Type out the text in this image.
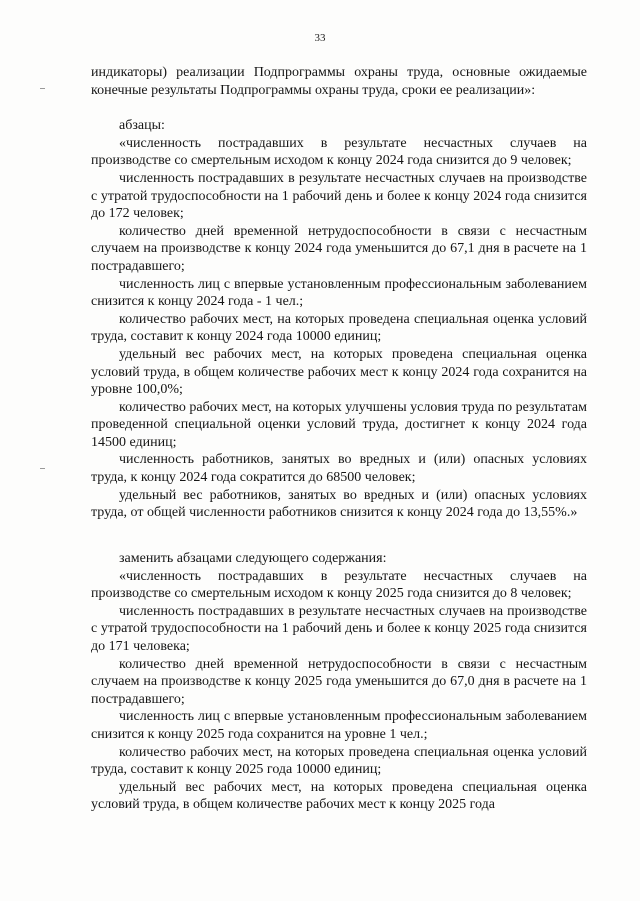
33

индикаторы) реализации Подпрограммы охраны труда, основные ожидаемые конечные результаты Подпрограммы охраны труда, сроки ее реализации»:

абзацы:

«численность пострадавших в результате несчастных случаев на производстве со смертельным исходом к концу 2024 года снизится до 9 человек;

численность пострадавших в результате несчастных случаев на производстве с утратой трудоспособности на 1 рабочий день и более к концу 2024 года снизится до 172 человек;

количество дней временной нетрудоспособности в связи с несчастным случаем на производстве к концу 2024 года уменьшится до 67,1 дня в расчете на 1 пострадавшего;

численность лиц с впервые установленным профессиональным заболеванием снизится к концу 2024 года - 1 чел.;

количество рабочих мест, на которых проведена специальная оценка условий труда, составит к концу 2024 года 10000 единиц;

удельный вес рабочих мест, на которых проведена специальная оценка условий труда, в общем количестве рабочих мест к концу 2024 года сохранится на уровне 100,0%;

количество рабочих мест, на которых улучшены условия труда по результатам проведенной специальной оценки условий труда, достигнет к концу 2024 года 14500 единиц;

численность работников, занятых во вредных и (или) опасных условиях труда, к концу 2024 года сократится до 68500 человек;

удельный вес работников, занятых во вредных и (или) опасных условиях труда, от общей численности работников снизится к концу 2024 года до 13,55%.»

заменить абзацами следующего содержания:

«численность пострадавших в результате несчастных случаев на производстве со смертельным исходом к концу 2025 года снизится до 8 человек;

численность пострадавших в результате несчастных случаев на производстве с утратой трудоспособности на 1 рабочий день и более к концу 2025 года снизится до 171 человека;

количество дней временной нетрудоспособности в связи с несчастным случаем на производстве к концу 2025 года уменьшится до 67,0 дня в расчете на 1 пострадавшего;

численность лиц с впервые установленным профессиональным заболеванием снизится к концу 2025 года сохранится на уровне 1 чел.;

количество рабочих мест, на которых проведена специальная оценка условий труда, составит к концу 2025 года 10000 единиц;

удельный вес рабочих мест, на которых проведена специальная оценка условий труда, в общем количестве рабочих мест к концу 2025 года
